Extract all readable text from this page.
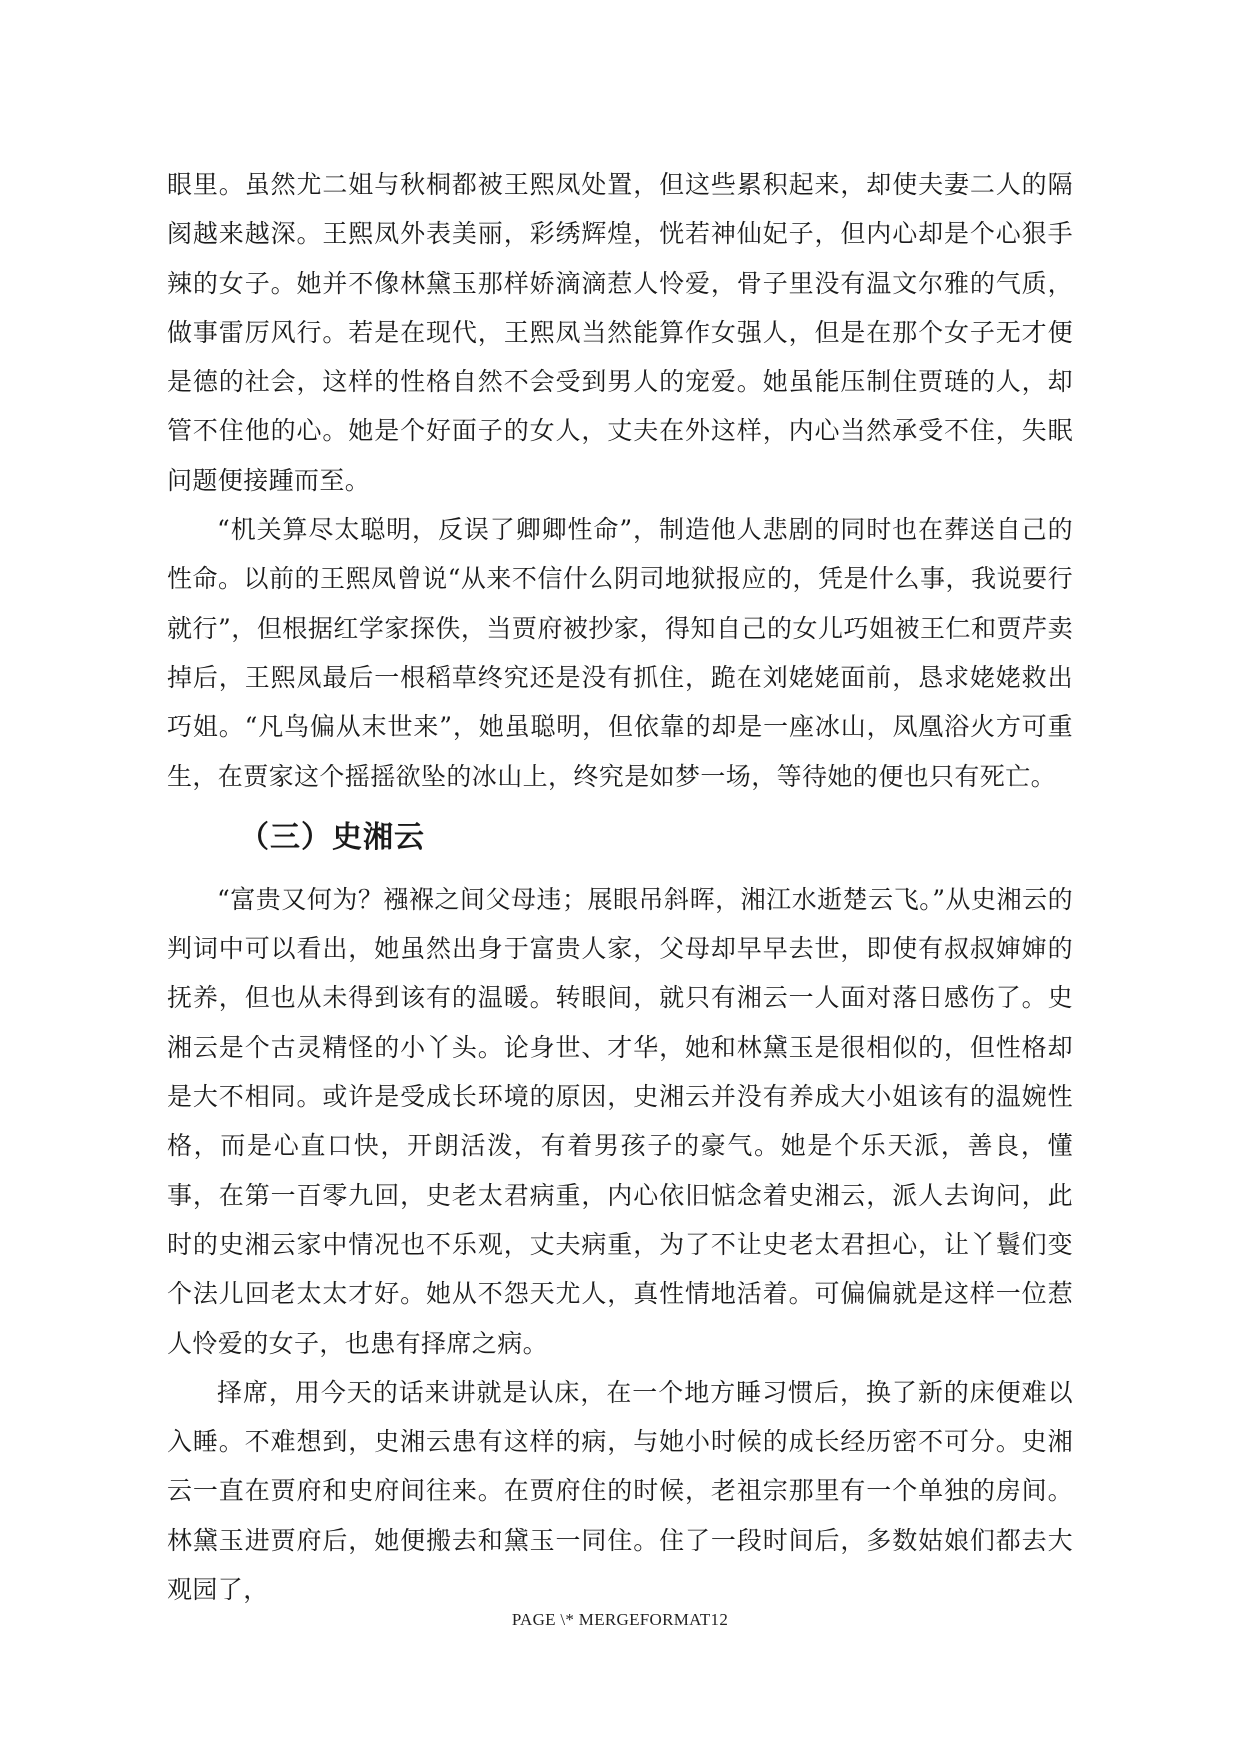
眼里。虽然尤二姐与秋桐都被王熙凤处置，但这些累积起来，却使夫妻二人的隔阂越来越深。王熙凤外表美丽，彩绣辉煌，恍若神仙妃子，但内心却是个心狠手辣的女子。她并不像林黛玉那样娇滴滴惹人怜爱，骨子里没有温文尔雅的气质，做事雷厉风行。若是在现代，王熙凤当然能算作女强人，但是在那个女子无才便是德的社会，这样的性格自然不会受到男人的宠爱。她虽能压制住贾琏的人，却管不住他的心。她是个好面子的女人，丈夫在外这样，内心当然承受不住，失眠问题便接踵而至。

“机关算尽太聪明，反误了卿卿性命”，制造他人悲剧的同时也在葬送自己的性命。以前的王熙凤曾说“从来不信什么阴司地狱报应的，凭是什么事，我说要行就行”，但根据红学家探佚，当贾府被抄家，得知自己的女儿巧姐被王仁和贾芹卖掉后，王熙凤最后一根稻草终究还是没有抓住，跪在刘姥姥面前，恳求姥姥救出巧姐。“凡鸟偏从末世来”，她虽聪明，但依靠的却是一座冰山，凤凰浴火方可重生，在贾家这个摇摇欲坠的冰山上，终究是如梦一场，等待她的便也只有死亡。

（三）史湘云

“富贵又何为？襁褓之间父母违；展眼吊斜晖，湘江水逝楚云飞。”从史湘云的判词中可以看出，她虽然出身于富贵人家，父母却早早去世，即使有叔叔婶婶的抚养，但也从未得到该有的温暖。转眼间，就只有湘云一人面对落日感伤了。史湘云是个古灵精怪的小丫头。论身世、才华，她和林黛玉是很相似的，但性格却是大不相同。或许是受成长环境的原因，史湘云并没有养成大小姐该有的温婉性格，而是心直口快，开朗活泼，有着男孩子的豪气。她是个乐天派，善良，懂事，在第一百零九回，史老太君病重，内心依旧惦念着史湘云，派人去询问，此时的史湘云家中情况也不乐观，丈夫病重，为了不让史老太君担心，让丫鬟们变个法儿回老太太才好。她从不怨天尤人，真性情地活着。可偏偏就是这样一位惹人怜爱的女子，也患有择席之病。

择席，用今天的话来讲就是认床，在一个地方睡习惯后，换了新的床便难以入睡。不难想到，史湘云患有这样的病，与她小时候的成长经历密不可分。史湘云一直在贾府和史府间往来。在贾府住的时候，老祖宗那里有一个单独的房间。林黛玉进贾府后，她便搬去和黛玉一同住。住了一段时间后，多数姑娘们都去大观园了，

PAGE \* MERGEFORMAT12
